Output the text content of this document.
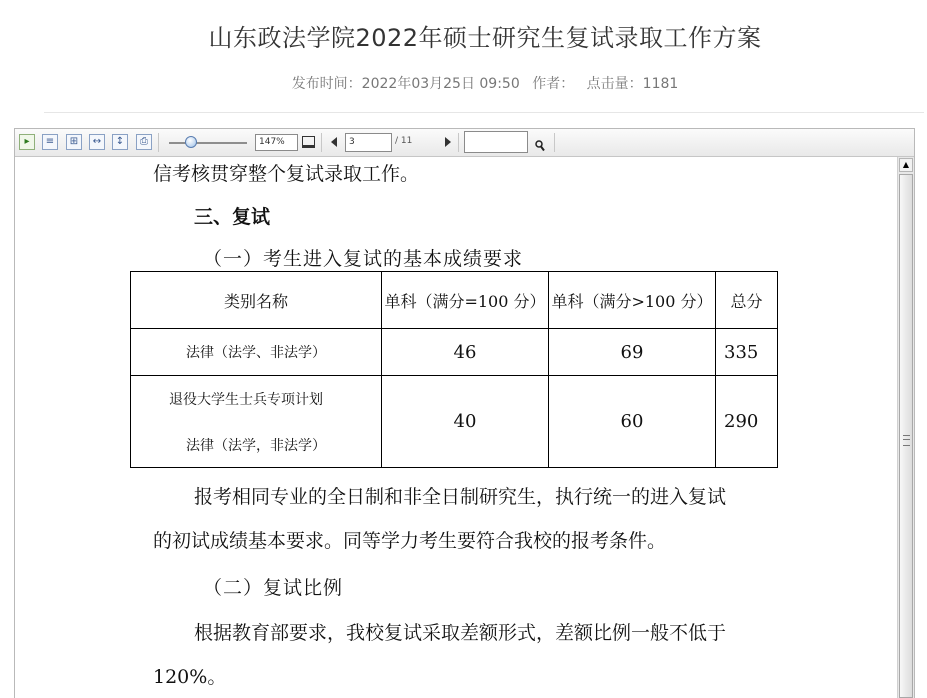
山东政法学院2022年硕士研究生复试录取工作方案
发布时间：2022年03月25日 09:50 作者： 点击量：1181
▸	≡	⊞	↔	↕	⎙	147%	3	/ 11
信考核贯穿整个复试录取工作。
三、复试
（一）考生进入复试的基本成绩要求
类别名称	单科（满分=100 分）	单科（满分>100 分）	总分
法律（法学、非法学）	46	69	335

退役大学生士兵专项计划
法律（法学，非法学）	40	60	290
报考相同专业的全日制和非全日制研究生，执行统一的进入复试
的初试成绩基本要求。同等学力考生要符合我校的报考条件。
（二）复试比例
根据教育部要求，我校复试采取差额形式，差额比例一般不低于
120%。
▲
